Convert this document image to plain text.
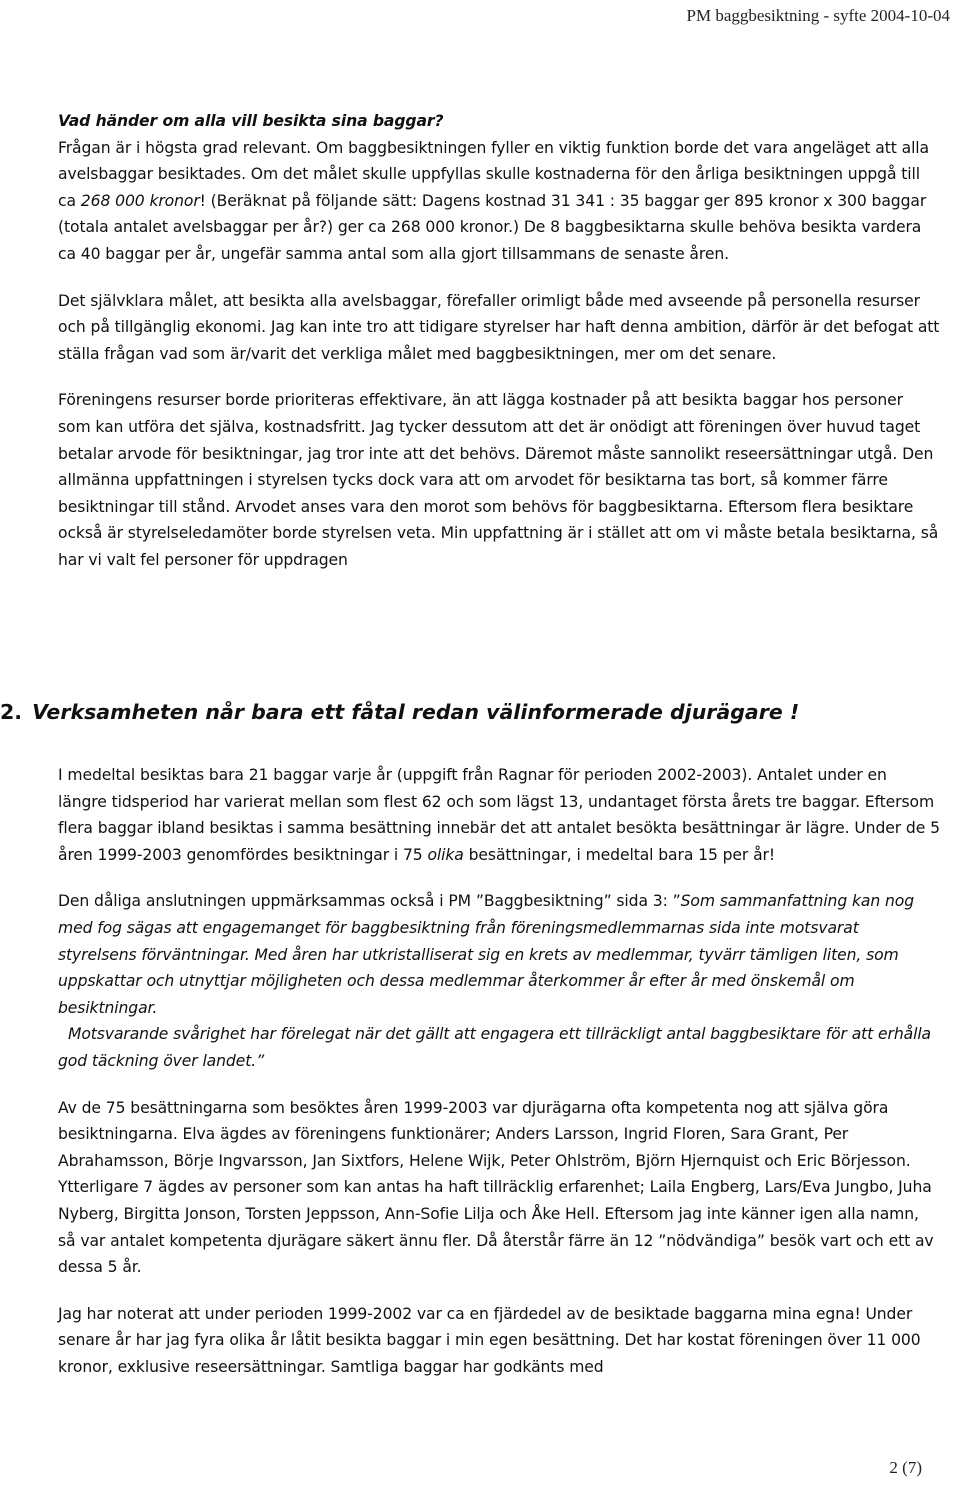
PM baggbesiktning - syfte 2004-10-04

Vad händer om alla vill besikta sina baggar?

Frågan är i högsta grad relevant. Om baggbesiktningen fyller en viktig funktion borde det vara angeläget att alla avelsbaggar besiktades. Om det målet skulle uppfyllas skulle kostnaderna för den årliga besiktningen uppgå till ca 268 000 kronor! (Beräknat på följande sätt: Dagens kostnad 31 341 : 35 baggar ger 895 kronor x 300 baggar (totala antalet avelsbaggar per år?) ger ca 268 000 kronor.) De 8 baggbesiktarna skulle behöva besikta vardera ca 40 baggar per år, ungefär samma antal som alla gjort tillsammans de senaste åren.

Det självklara målet, att besikta alla avelsbaggar, förefaller orimligt både med avseende på personella resurser och på tillgänglig ekonomi. Jag kan inte tro att tidigare styrelser har haft denna ambition, därför är det befogat att ställa frågan vad som är/varit det verkliga målet med baggbesiktningen, mer om det senare.

Föreningens resurser borde prioriteras effektivare, än att lägga kostnader på att besikta baggar hos personer som kan utföra det själva, kostnadsfritt. Jag tycker dessutom att det är onödigt att föreningen över huvud taget betalar arvode för besiktningar, jag tror inte att det behövs. Däremot måste sannolikt reseersättningar utgå. Den allmänna uppfattningen i styrelsen tycks dock vara att om arvodet för besiktarna tas bort, så kommer färre besiktningar till stånd. Arvodet anses vara den morot som behövs för baggbesiktarna. Eftersom flera besiktare också är styrelseledamöter borde styrelsen veta. Min uppfattning är i stället att om vi måste betala besiktarna, så har vi valt fel personer för uppdragen

2. Verksamheten når bara ett fåtal redan välinformerade djurägare !

I medeltal besiktas bara 21 baggar varje år (uppgift från Ragnar för perioden 2002-2003). Antalet under en längre tidsperiod har varierat mellan som flest 62 och som lägst 13, undantaget första årets tre baggar. Eftersom flera baggar ibland besiktas i samma besättning innebär det att antalet besökta besättningar är lägre. Under de 5 åren 1999-2003 genomfördes besiktningar i 75 olika besättningar, i medeltal bara 15 per år!

Den dåliga anslutningen uppmärksammas också i PM ”Baggbesiktning” sida 3: ”Som sammanfattning kan nog med fog sägas att engagemanget för baggbesiktning från föreningsmedlemmarnas sida inte motsvarat styrelsens förväntningar. Med åren har utkristalliserat sig en krets av medlemmar, tyvärr tämligen liten, som uppskattar och utnyttjar möjligheten och dessa medlemmar återkommer år efter år med önskemål om besiktningar.

Motsvarande svårighet har förelegat när det gällt att engagera ett tillräckligt antal baggbesiktare för att erhålla god täckning över landet.”

Av de 75 besättningarna som besöktes åren 1999-2003 var djurägarna ofta kompetenta nog att själva göra besiktningarna. Elva ägdes av föreningens funktionärer; Anders Larsson, Ingrid Floren, Sara Grant, Per Abrahamsson, Börje Ingvarsson, Jan Sixtfors, Helene Wijk, Peter Ohlström, Björn Hjernquist och Eric Börjesson. Ytterligare 7 ägdes av personer som kan antas ha haft tillräcklig erfarenhet; Laila Engberg, Lars/Eva Jungbo, Juha Nyberg, Birgitta Jonson, Torsten Jeppsson, Ann-Sofie Lilja och Åke Hell. Eftersom jag inte känner igen alla namn, så var antalet kompetenta djurägare säkert ännu fler. Då återstår färre än 12 ”nödvändiga” besök vart och ett av dessa 5 år.

Jag har noterat att under perioden 1999-2002 var ca en fjärdedel av de besiktade baggarna mina egna! Under senare år har jag fyra olika år låtit besikta baggar i min egen besättning. Det har kostat föreningen över 11 000 kronor, exklusive reseersättningar. Samtliga baggar har godkänts med

2 (7)
